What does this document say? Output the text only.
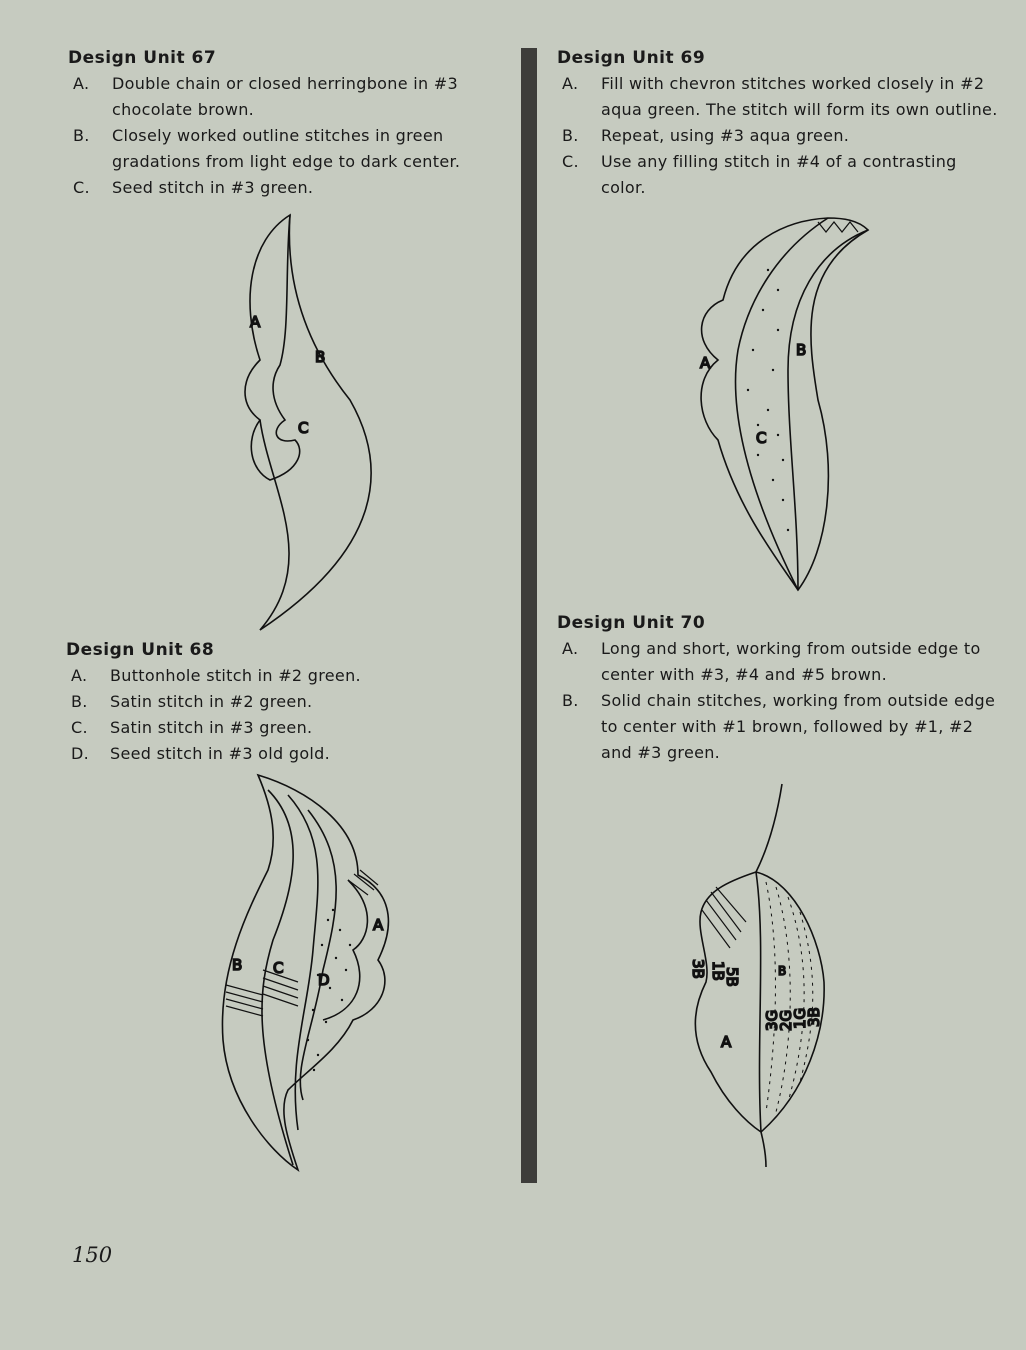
Design Unit 67
A. Double chain or closed herringbone in #3 chocolate brown.
B. Closely worked outline stitches in green gradations from light edge to dark center.
C. Seed stitch in #3 green.
Design Unit 68
A. Buttonhole stitch in #2 green.
B. Satin stitch in #2 green.
C. Satin stitch in #3 green.
D. Seed stitch in #3 old gold.
Design Unit 69
A. Fill with chevron stitches worked closely in #2 aqua green. The stitch will form its own outline.
B. Repeat, using #3 aqua green.
C. Use any filling stitch in #4 of a contrasting color.
Design Unit 70
A. Long and short, working from outside edge to center with #3, #4 and #5 brown.
B. Solid chain stitches, working from outside edge to center with #1 brown, followed by #1, #2 and #3 green.
A
B
C
A
B C
D
A
B
C
A
B
3B 1B
5B
3G
2G
1G
3B
150
